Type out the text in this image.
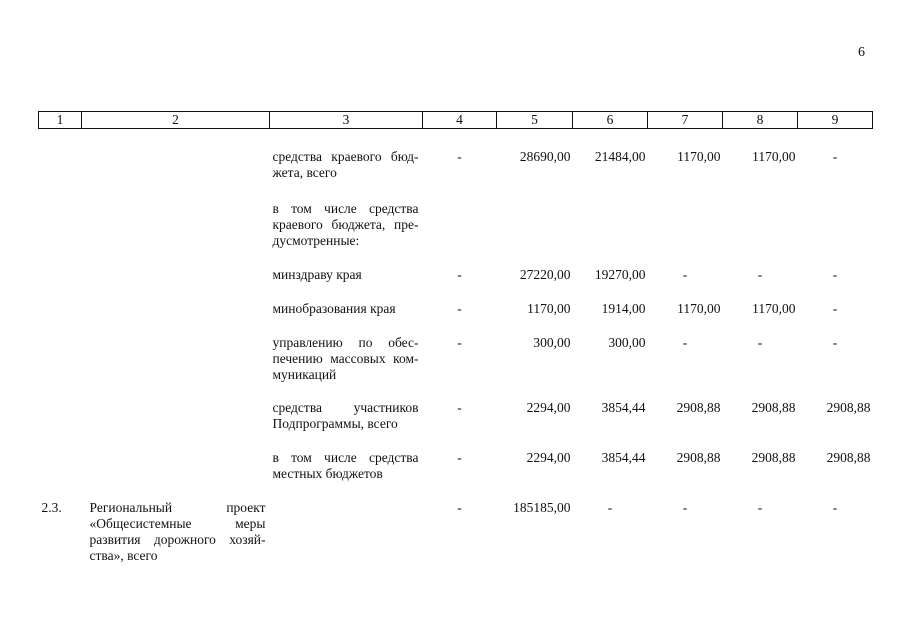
6
1	2	3	4	5	6	7	8	9
		средства краевого бюд-жета, всего	-	28690,00	21484,00	1170,00	1170,00	-
		в том числе средства краевого бюджета, пре-дусмотренные:						
		минздраву края	-	27220,00	19270,00	-	-	-
		минобразования края	-	1170,00	1914,00	1170,00	1170,00	-
		управлению по обес-печению массовых ком-муникаций	-	300,00	300,00	-	-	-
		средства участников Подпрограммы, всего	-	2294,00	3854,44	2908,88	2908,88	2908,88
		в том числе средства местных бюджетов	-	2294,00	3854,44	2908,88	2908,88	2908,88
2.3.	Региональный проект «Общесистемные меры развития дорожного хозяй-ства», всего		-	185185,00	-	-	-	-
